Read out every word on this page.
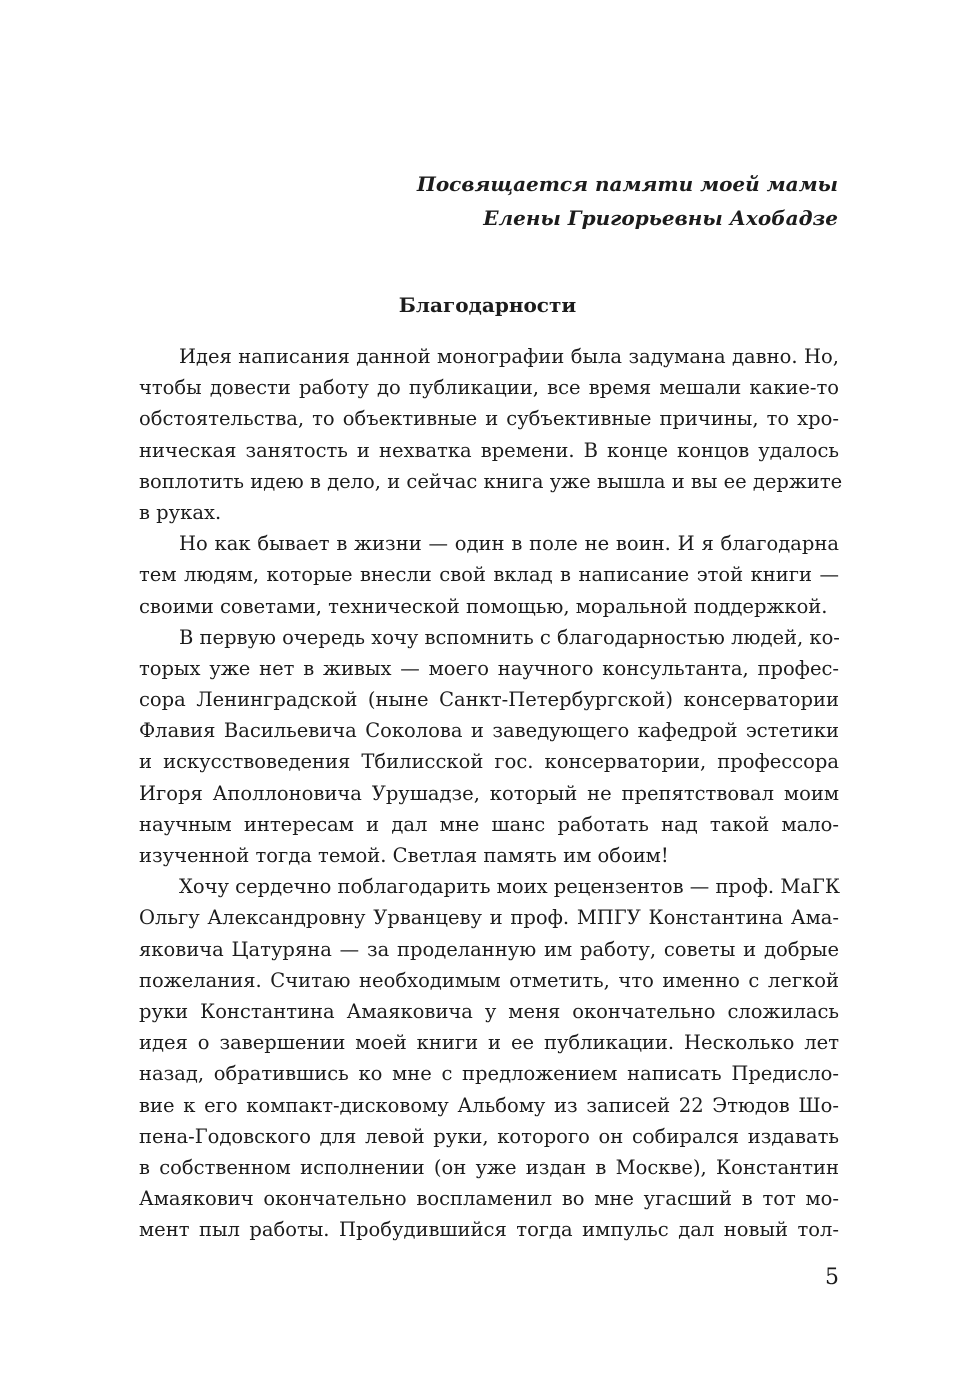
Посвящается памяти моей мамы
Елены Григорьевны Ахобадзе
Благодарности
Идея написания данной монографии была задумана давно. Но,
чтобы довести работу до публикации, все время мешали какие-то
обстоятельства, то объективные и субъективные причины, то хро-
ническая занятость и нехватка времени. В конце концов удалось
воплотить идею в дело, и сейчас книга уже вышла и вы ее держите
в руках.
Но как бывает в жизни — один в поле не воин. И я благодарна
тем людям, которые внесли свой вклад в написание этой книги —
своими советами, технической помощью, моральной поддержкой.
В первую очередь хочу вспомнить с благодарностью людей, ко-
торых уже нет в живых — моего научного консультанта, профес-
сора Ленинградской (ныне Санкт-Петербургской) консерватории
Флавия Васильевича Соколова и заведующего кафедрой эстетики
и искусствоведения Тбилисской гос. консерватории, профессора
Игоря Аполлоновича Урушадзе, который не препятствовал моим
научным интересам и дал мне шанс работать над такой мало-
изученной тогда темой. Светлая память им обоим!
Хочу сердечно поблагодарить моих рецензентов — проф. МаГК
Ольгу Александровну Урванцеву и проф. МПГУ Константина Ама-
яковича Цатуряна — за проделанную им работу, советы и добрые
пожелания. Считаю необходимым отметить, что именно с легкой
руки Константина Амаяковича у меня окончательно сложилась
идея о завершении моей книги и ее публикации. Несколько лет
назад, обратившись ко мне с предложением написать Предисло-
вие к его компакт-дисковому Альбому из записей 22 Этюдов Шо-
пена-Годовского для левой руки, которого он собирался издавать
в собственном исполнении (он уже издан в Москве), Константин
Амаякович окончательно воспламенил во мне угасший в тот мо-
мент пыл работы. Пробудившийся тогда импульс дал новый тол-
5
